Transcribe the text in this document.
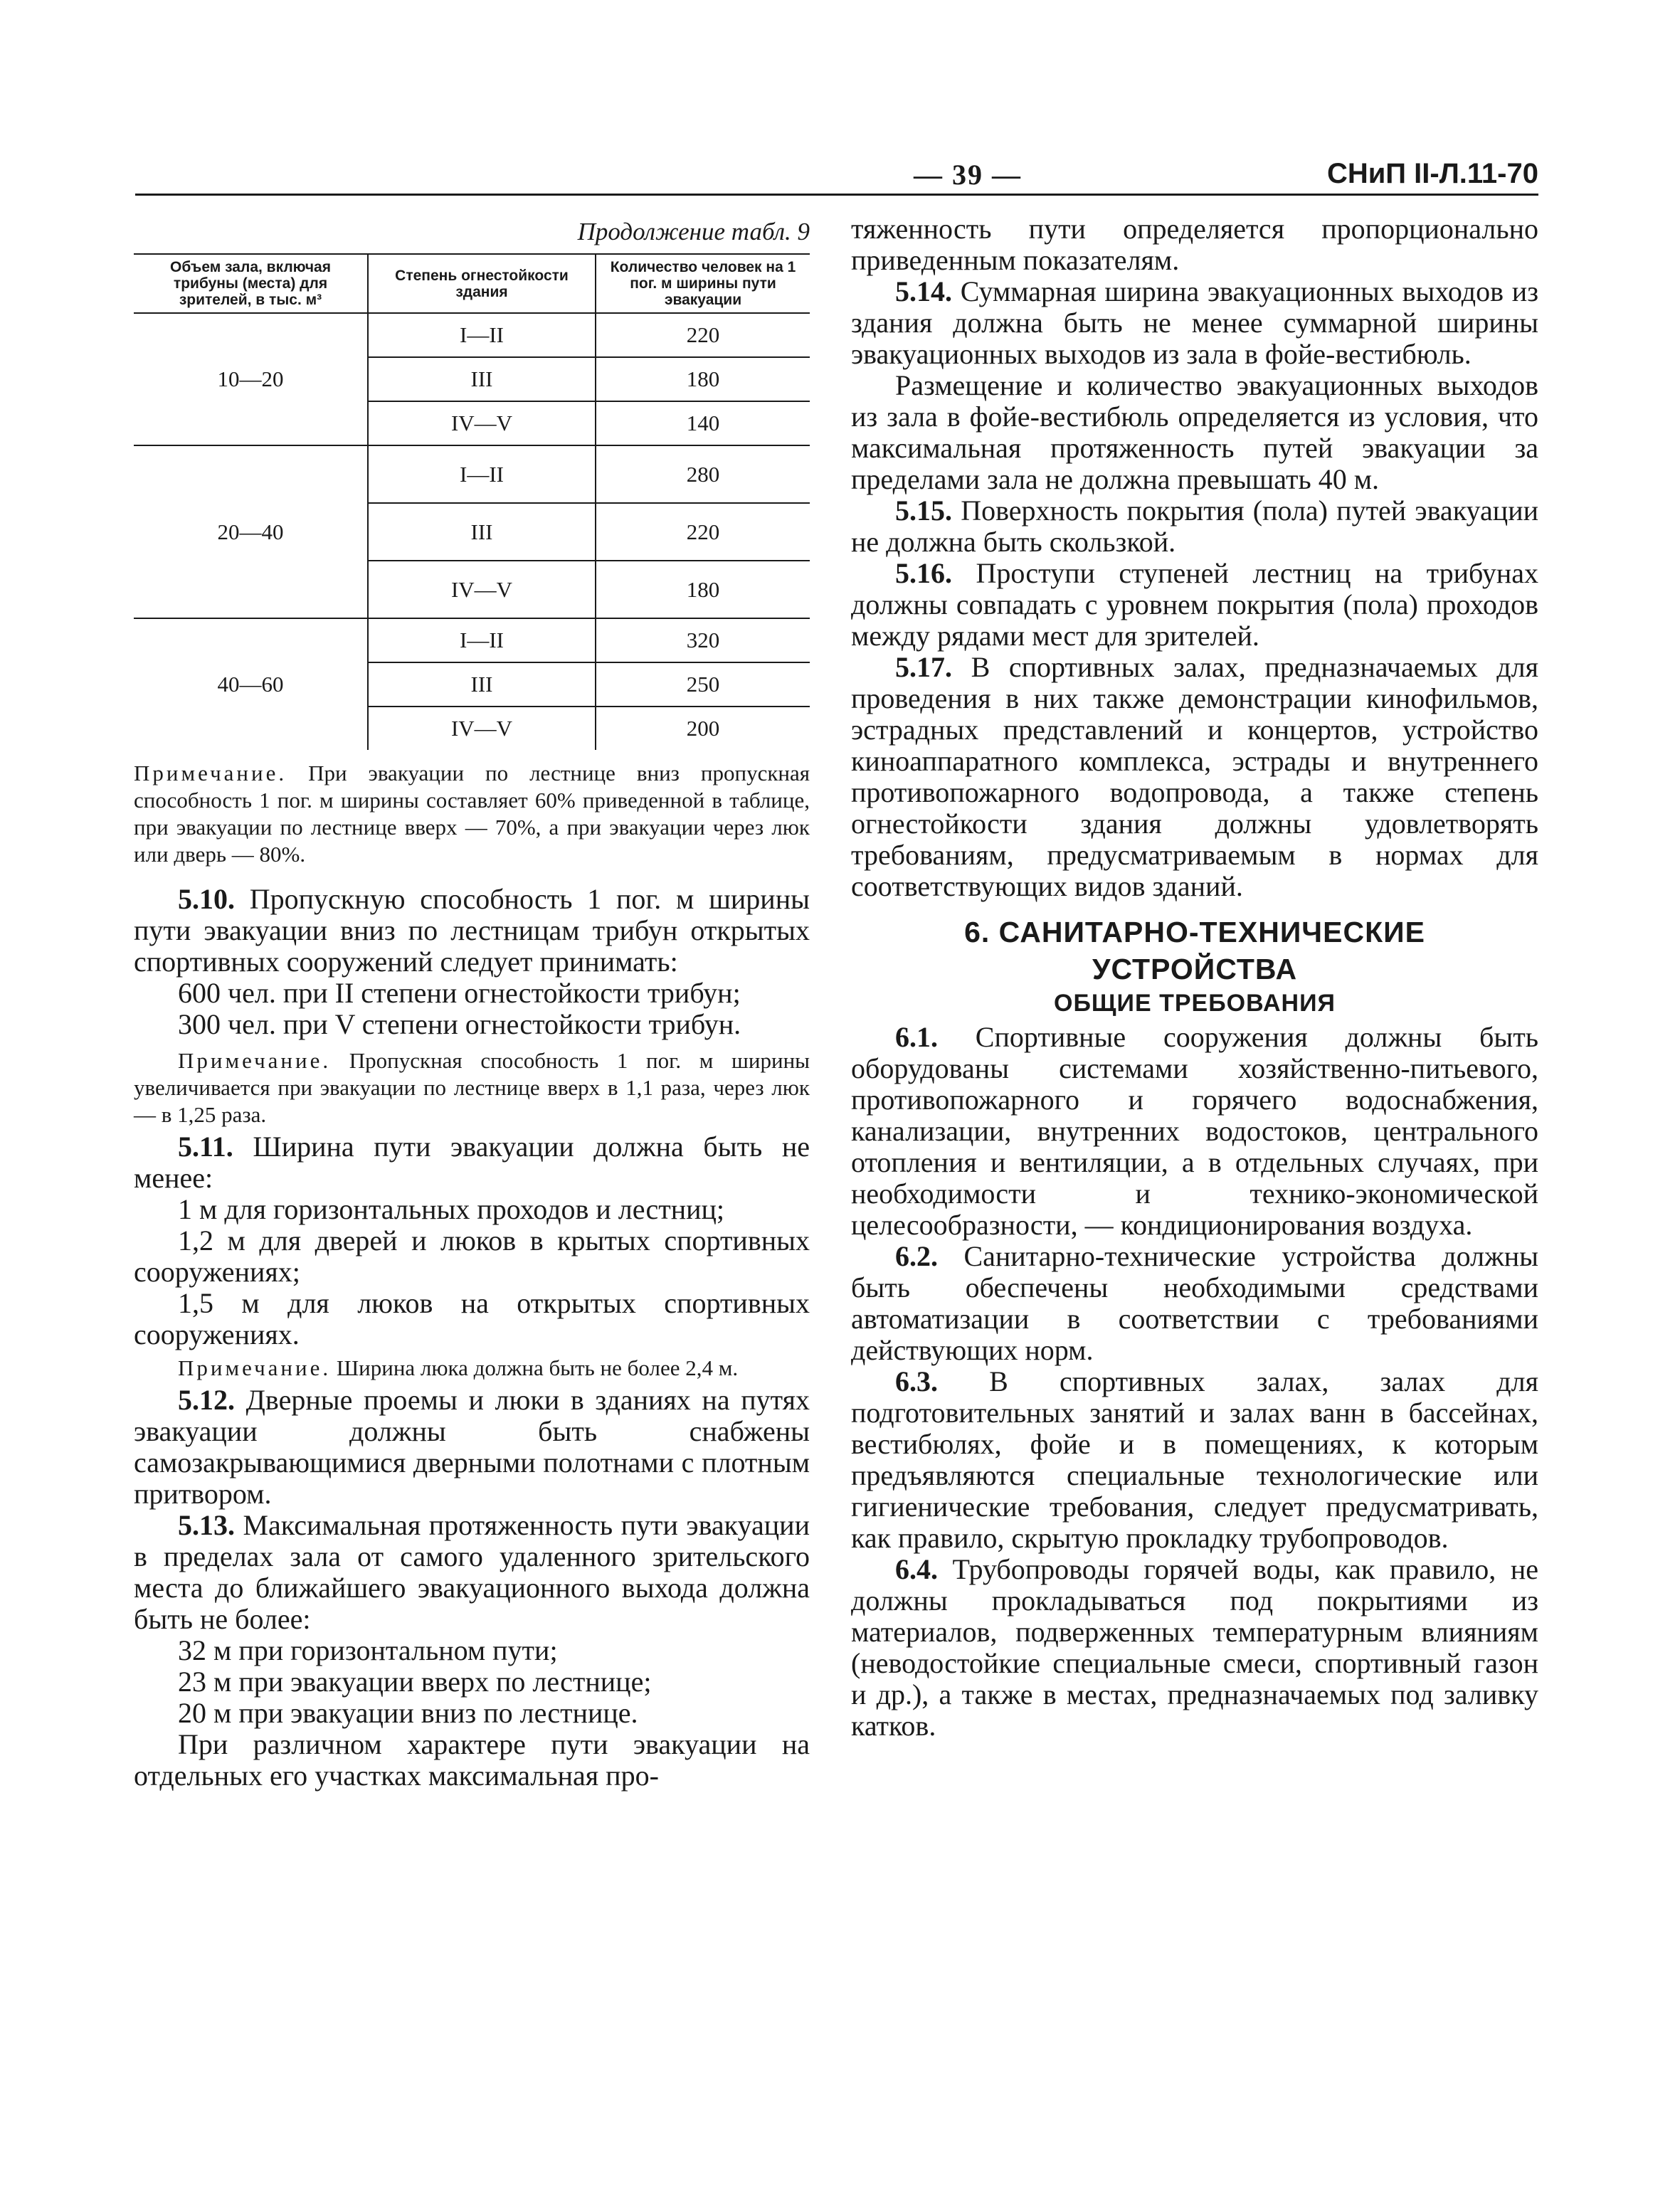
— 39 —	СНиП II-Л.11-70
Продолжение табл. 9
Объем зала, включая трибуны (места) для зрителей, в тыс. м³	Степень огнестойкости здания	Количество человек на 1 пог. м ширины пути эвакуации
10—20	I—II	220
	III	180
	IV—V	140
20—40	I—II	280
	III	220
	IV—V	180
40—60	I—II	320
	III	250
	IV—V	200
Примечание. При эвакуации по лестнице вниз пропускная способность 1 пог. м ширины составляет 60% приведенной в таблице, при эвакуации по лестнице вверх — 70%, а при эвакуации через люк или дверь — 80%.

5.10. Пропускную способность 1 пог. м ширины пути эвакуации вниз по лестницам трибун открытых спортивных сооружений следует принимать:

600 чел. при II степени огнестойкости трибун;

300 чел. при V степени огнестойкости трибун.

Примечание. Пропускная способность 1 пог. м ширины увеличивается при эвакуации по лестнице вверх в 1,1 раза, через люк — в 1,25 раза.

5.11. Ширина пути эвакуации должна быть не менее:

1 м для горизонтальных проходов и лестниц;

1,2 м для дверей и люков в крытых спортивных сооружениях;

1,5 м для люков на открытых спортивных сооружениях.

Примечание. Ширина люка должна быть не более 2,4 м.

5.12. Дверные проемы и люки в зданиях на путях эвакуации должны быть снабжены самозакрывающимися дверными полотнами с плотным притвором.

5.13. Максимальная протяженность пути эвакуации в пределах зала от самого удаленного зрительского места до ближайшего эвакуационного выхода должна быть не более:

32 м при горизонтальном пути;

23 м при эвакуации вверх по лестнице;

20 м при эвакуации вниз по лестнице.

При различном характере пути эвакуации на отдельных его участках максимальная про-

тяженность пути определяется пропорционально приведенным показателям.

5.14. Суммарная ширина эвакуационных выходов из здания должна быть не менее суммарной ширины эвакуационных выходов из зала в фойе-вестибюль.

Размещение и количество эвакуационных выходов из зала в фойе-вестибюль определяется из условия, что максимальная протяженность путей эвакуации за пределами зала не должна превышать 40 м.

5.15. Поверхность покрытия (пола) путей эвакуации не должна быть скользкой.

5.16. Проступи ступеней лестниц на трибунах должны совпадать с уровнем покрытия (пола) проходов между рядами мест для зрителей.

5.17. В спортивных залах, предназначаемых для проведения в них также демонстрации кинофильмов, эстрадных представлений и концертов, устройство киноаппаратного комплекса, эстрады и внутреннего противопожарного водопровода, а также степень огнестойкости здания должны удовлетворять требованиям, предусматриваемым в нормах для соответствующих видов зданий.

6. САНИТАРНО-ТЕХНИЧЕСКИЕ
УСТРОЙСТВА
ОБЩИЕ ТРЕБОВАНИЯ

6.1. Спортивные сооружения должны быть оборудованы системами хозяйственно-питьевого, противопожарного и горячего водоснабжения, канализации, внутренних водостоков, центрального отопления и вентиляции, а в отдельных случаях, при необходимости и технико-экономической целесообразности, — кондиционирования воздуха.

6.2. Санитарно-технические устройства должны быть обеспечены необходимыми средствами автоматизации в соответствии с требованиями действующих норм.

6.3. В спортивных залах, залах для подготовительных занятий и залах ванн в бассейнах, вестибюлях, фойе и в помещениях, к которым предъявляются специальные технологические или гигиенические требования, следует предусматривать, как правило, скрытую прокладку трубопроводов.

6.4. Трубопроводы горячей воды, как правило, не должны прокладываться под покрытиями из материалов, подверженных температурным влияниям (неводостойкие специальные смеси, спортивный газон и др.), а также в местах, предназначаемых под заливку катков.
